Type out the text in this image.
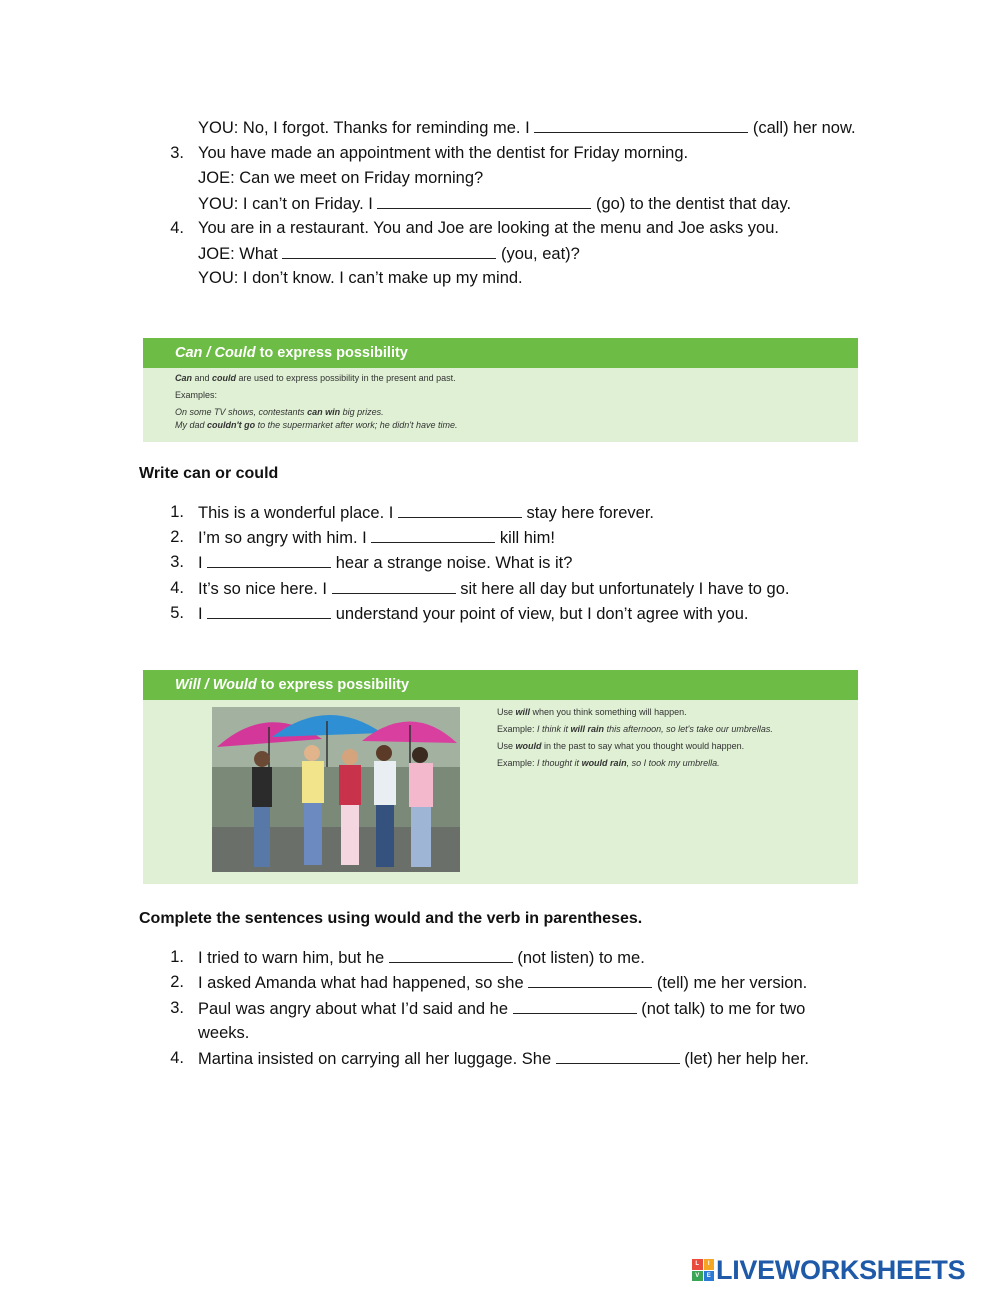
YOU: No, I forgot. Thanks for reminding me. I	(call) her now.
3. You have made an appointment with the dentist for Friday morning.
JOE: Can we meet on Friday morning?
YOU: I can’t on Friday. I	(go) to the dentist that day.
4. You are in a restaurant. You and Joe are looking at the menu and Joe asks you.
JOE: What	(you, eat)?
YOU: I don’t know. I can’t make up my mind.
Can / Could to express possibility
Can and could are used to express possibility in the present and past.
Examples:
On some TV shows, contestants can win big prizes.
My dad couldn't go to the supermarket after work; he didn't have time.
Write can or could
1. This is a wonderful place. I	stay here forever.
2. I’m so angry with him. I	kill him!
3. I	hear a strange noise. What is it?
4. It’s so nice here. I	sit here all day but unfortunately I have to go.
5. I	understand your point of view, but I don’t agree with you.
Will / Would to express possibility
Use will when you think something will happen.
Example: I think it will rain this afternoon, so let's take our umbrellas.
Use would in the past to say what you thought would happen.
Example: I thought it would rain, so I took my umbrella.
Complete the sentences using would and the verb in parentheses.
1. I tried to warn him, but he	(not listen) to me.
2. I asked Amanda what had happened, so she	(tell) me her version.
3. Paul was angry about what I’d said and he	(not talk) to me for two
weeks.
4. Martina insisted on carrying all her luggage. She	(let) her help her.
L	I
V	E LIVEWORKSHEETS
